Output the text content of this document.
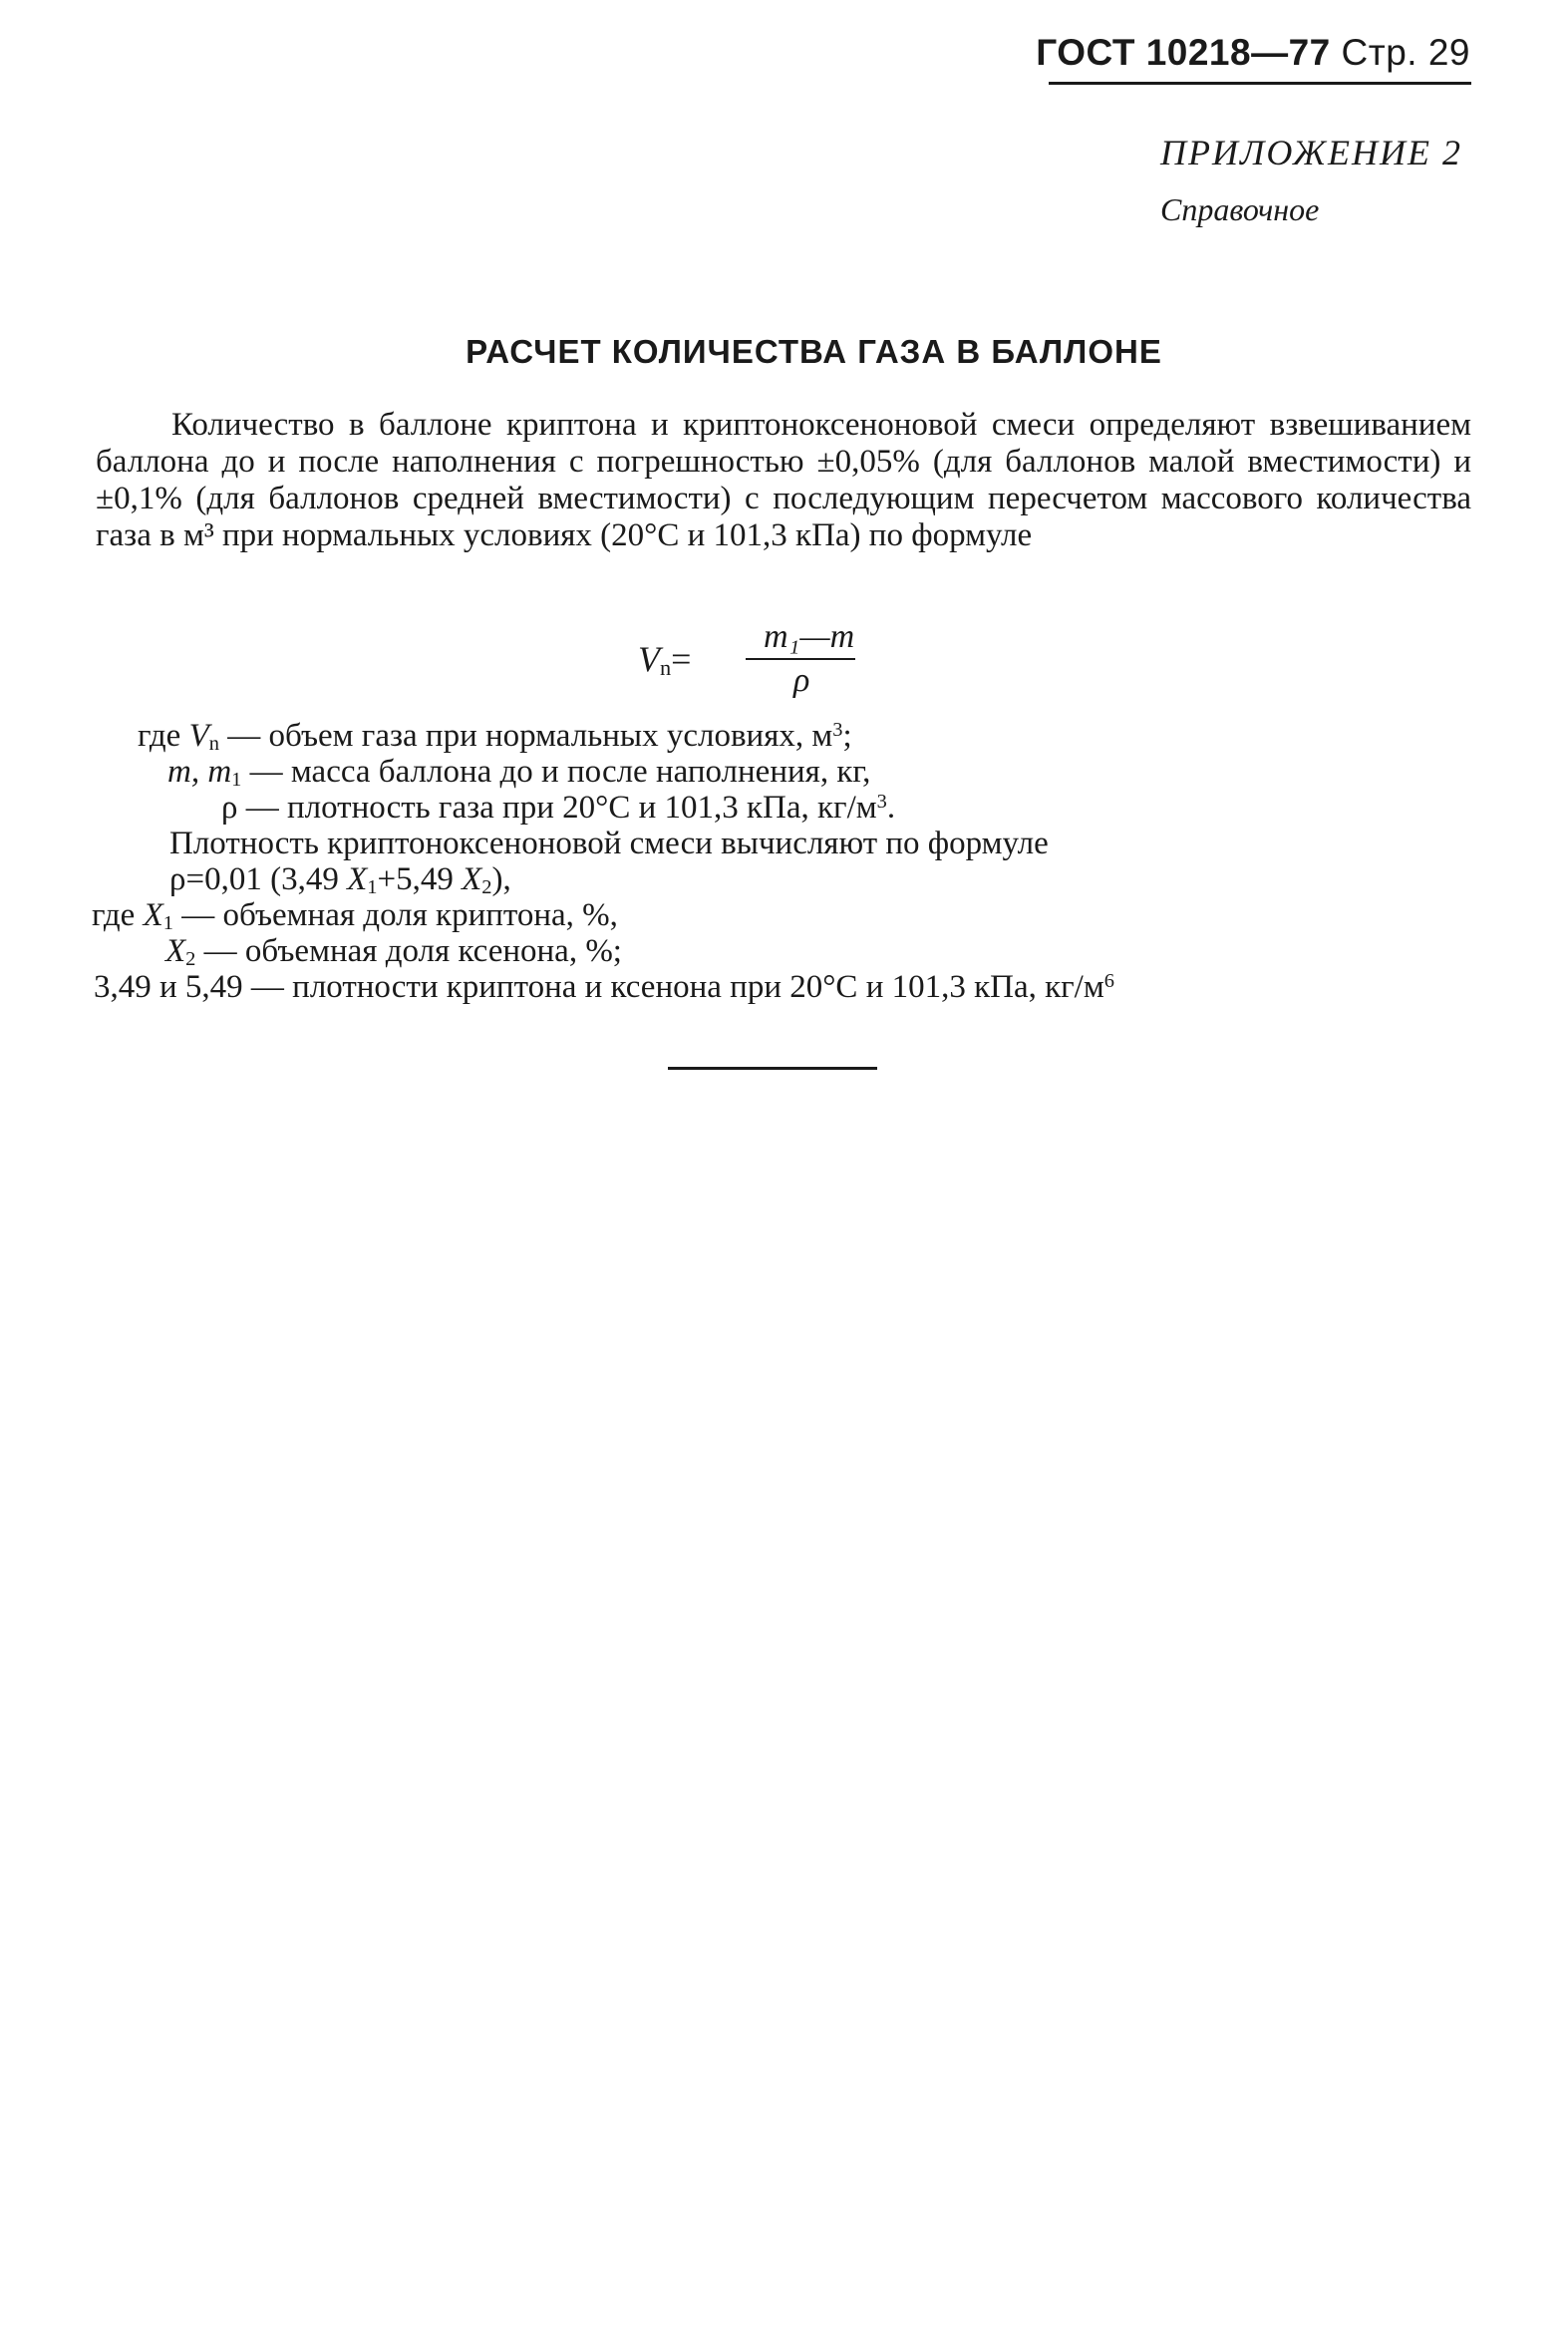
ГОСТ 10218—77 Стр. 29
ПРИЛОЖЕНИЕ 2
Справочное
РАСЧЕТ КОЛИЧЕСТВА ГАЗА В БАЛЛОНЕ

Количество в баллоне криптона и криптоноксеноновой смеси определяют взвешиванием баллона до и после наполнения с погрешностью ±0,05% (для баллонов малой вместимости) и ±0,1% (для баллонов средней вместимости) с последующим пересчетом массового количества газа в м³ при нормальных условиях (20°C и 101,3 кПа) по формуле

$V_n=$
m₁—m
ρ
где $V_n$ — объем газа при нормальных условиях, $м^3$;
m, $m_1$ — масса баллона до и после наполнения, кг,
ρ — плотность газа при 20°C и 101,3 кПа, $кг/м^3$.
Плотность криптоноксеноновой смеси вычисляют по формуле
ρ=0,01 (3,49 $X_1+5,49$ $X_2$),
где $X_1$ — объемная доля криптона, %,
$X_2$ — объемная доля ксенона, %;
3,49 и 5,49 — плотности криптона и ксенона при 20°C и 101,3 кПа, $кг/м^6$
